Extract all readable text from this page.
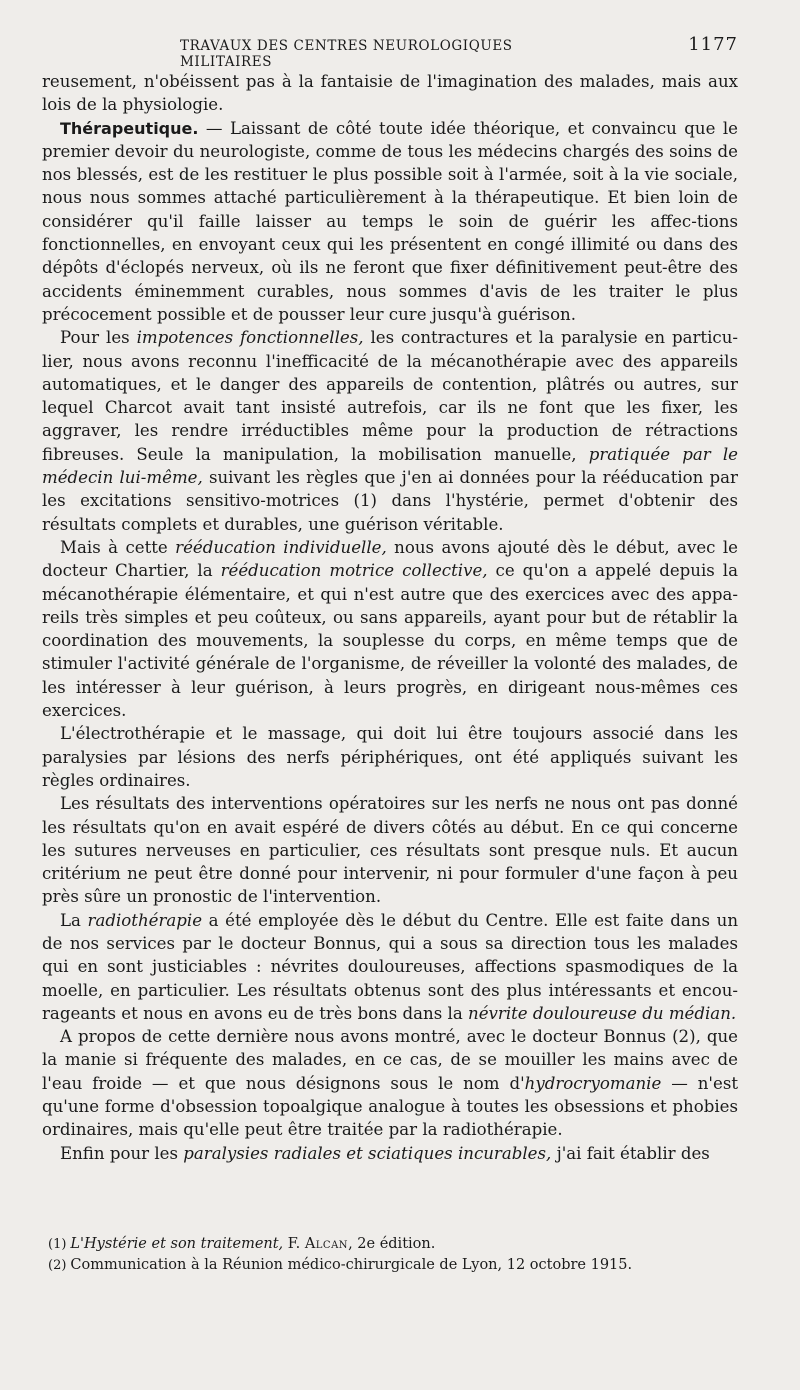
TRAVAUX DES CENTRES NEUROLOGIQUES MILITAIRES
1177

reusement, n'obéissent pas à la fantaisie de l'imagination des malades, mais aux lois de la physiologie.

Thérapeutique. — Laissant de côté toute idée théorique, et convaincu que le premier devoir du neurologiste, comme de tous les médecins chargés des soins de nos blessés, est de les restituer le plus possible soit à l'armée, soit à la vie sociale, nous nous sommes attaché particulièrement à la thérapeutique. Et bien loin de considérer qu'il faille laisser au temps le soin de guérir les affec-tions fonctionnelles, en envoyant ceux qui les présentent en congé illimité ou dans des dépôts d'éclopés nerveux, où ils ne feront que fixer définitivement peut-être des accidents éminemment curables, nous sommes d'avis de les traiter le plus précocement possible et de pousser leur cure jusqu'à guérison.

Pour les impotences fonctionnelles, les contractures et la paralysie en particu-lier, nous avons reconnu l'inefficacité de la mécanothérapie avec des appareils automatiques, et le danger des appareils de contention, plâtrés ou autres, sur lequel Charcot avait tant insisté autrefois, car ils ne font que les fixer, les aggraver, les rendre irréductibles même pour la production de rétractions fibreuses. Seule la manipulation, la mobilisation manuelle, pratiquée par le médecin lui-même, suivant les règles que j'en ai données pour la rééducation par les excitations sensitivo-motrices (1) dans l'hystérie, permet d'obtenir des résultats complets et durables, une guérison véritable.

Mais à cette rééducation individuelle, nous avons ajouté dès le début, avec le docteur Chartier, la rééducation motrice collective, ce qu'on a appelé depuis la mécanothérapie élémentaire, et qui n'est autre que des exercices avec des appa-reils très simples et peu coûteux, ou sans appareils, ayant pour but de rétablir la coordination des mouvements, la souplesse du corps, en même temps que de stimuler l'activité générale de l'organisme, de réveiller la volonté des malades, de les intéresser à leur guérison, à leurs progrès, en dirigeant nous-mêmes ces exercices.

L'électrothérapie et le massage, qui doit lui être toujours associé dans les paralysies par lésions des nerfs périphériques, ont été appliqués suivant les règles ordinaires.

Les résultats des interventions opératoires sur les nerfs ne nous ont pas donné les résultats qu'on en avait espéré de divers côtés au début. En ce qui concerne les sutures nerveuses en particulier, ces résultats sont presque nuls. Et aucun critérium ne peut être donné pour intervenir, ni pour formuler d'une façon à peu près sûre un pronostic de l'intervention.

La radiothérapie a été employée dès le début du Centre. Elle est faite dans un de nos services par le docteur Bonnus, qui a sous sa direction tous les malades qui en sont justiciables : névrites douloureuses, affections spasmodiques de la moelle, en particulier. Les résultats obtenus sont des plus intéressants et encou-rageants et nous en avons eu de très bons dans la névrite douloureuse du médian.

A propos de cette dernière nous avons montré, avec le docteur Bonnus (2), que la manie si fréquente des malades, en ce cas, de se mouiller les mains avec de l'eau froide — et que nous désignons sous le nom d'hydrocryomanie — n'est qu'une forme d'obsession topoalgique analogue à toutes les obsessions et phobies ordinaires, mais qu'elle peut être traitée par la radiothérapie.

Enfin pour les paralysies radiales et sciatiques incurables, j'ai fait établir des

(1) L'Hystérie et son traitement, F. Alcan, 2e édition.

(2) Communication à la Réunion médico-chirurgicale de Lyon, 12 octobre 1915.
